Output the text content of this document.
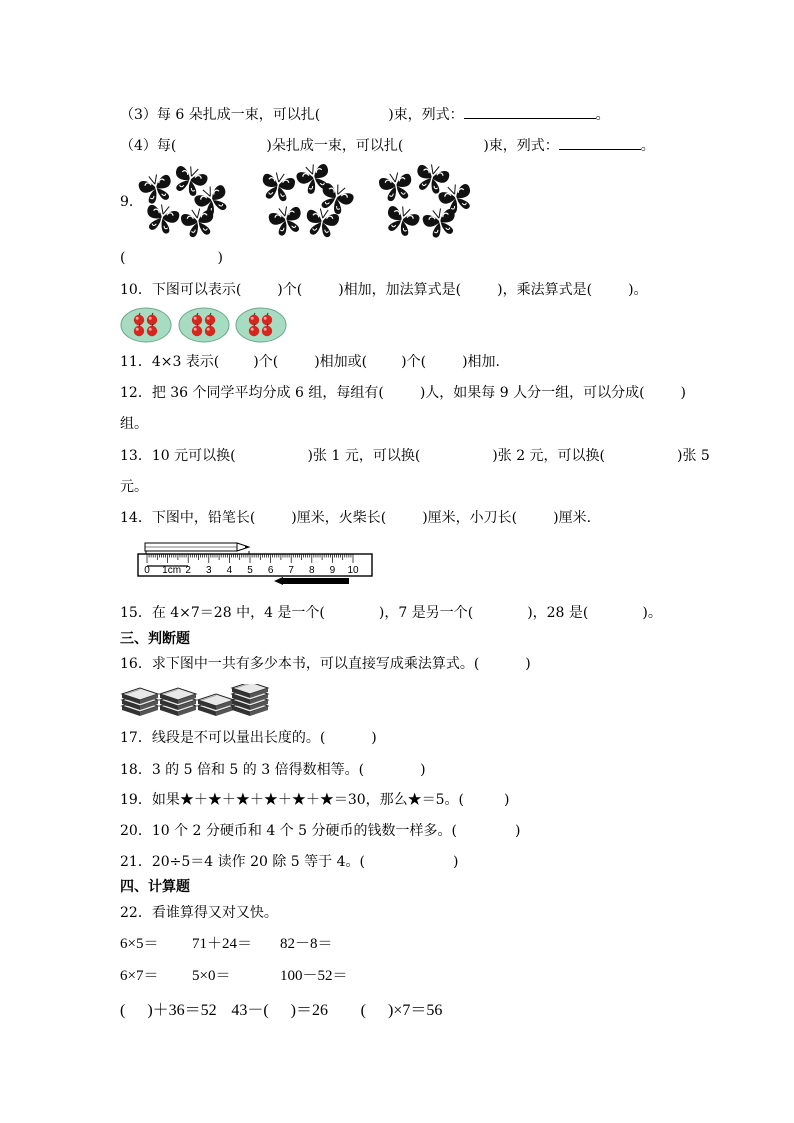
（3）每 6 朵扎成一束，可以扎(	)束，列式：	。
（4）每(	)朵扎成一束，可以扎(	)束，列式：	。
9．
(	)
10．下图可以表示(	)个(	)相加，加法算式是(	)，乘法算式是(	)。
11．4×3 表示( )个(	)相加或( )个(	)相加.
12．把 36 个同学平均分成 6 组，每组有(	)人，如果每 9 人分一组，可以分成(	)
组。
13．10 元可以换(	)张 1 元，可以换(	)张 2 元，可以换(	)张 5
元。
14．下图中，铅笔长(	)厘米，火柴长(	)厘米，小刀长(	)厘米.
0 1cm 2 3 4 5 6 7 8 9 10
15．在 4×7＝28 中，4 是一个(	)，7 是另一个(	)，28 是(	)。
三、判断题
16．求下图中一共有多少本书，可以直接写成乘法算式。(	)
17．线段是不可以量出长度的。(	)
18．3 的 5 倍和 5 的 3 倍得数相等。(	)
19．如果★＋★＋★＋★＋★＋★＝30，那么★＝5。(	)
20．10 个 2 分硬币和 4 个 5 分硬币的钱数一样多。(	)
21．20÷5＝4 读作 20 除 5 等于 4。(	)
四、计算题
22．看谁算得又对又快。
6×5＝ 71＋24＝ 82－8＝
6×7＝ 5×0＝	100－52＝
( )＋36＝52 43－( )＝26 ( )×7＝56
